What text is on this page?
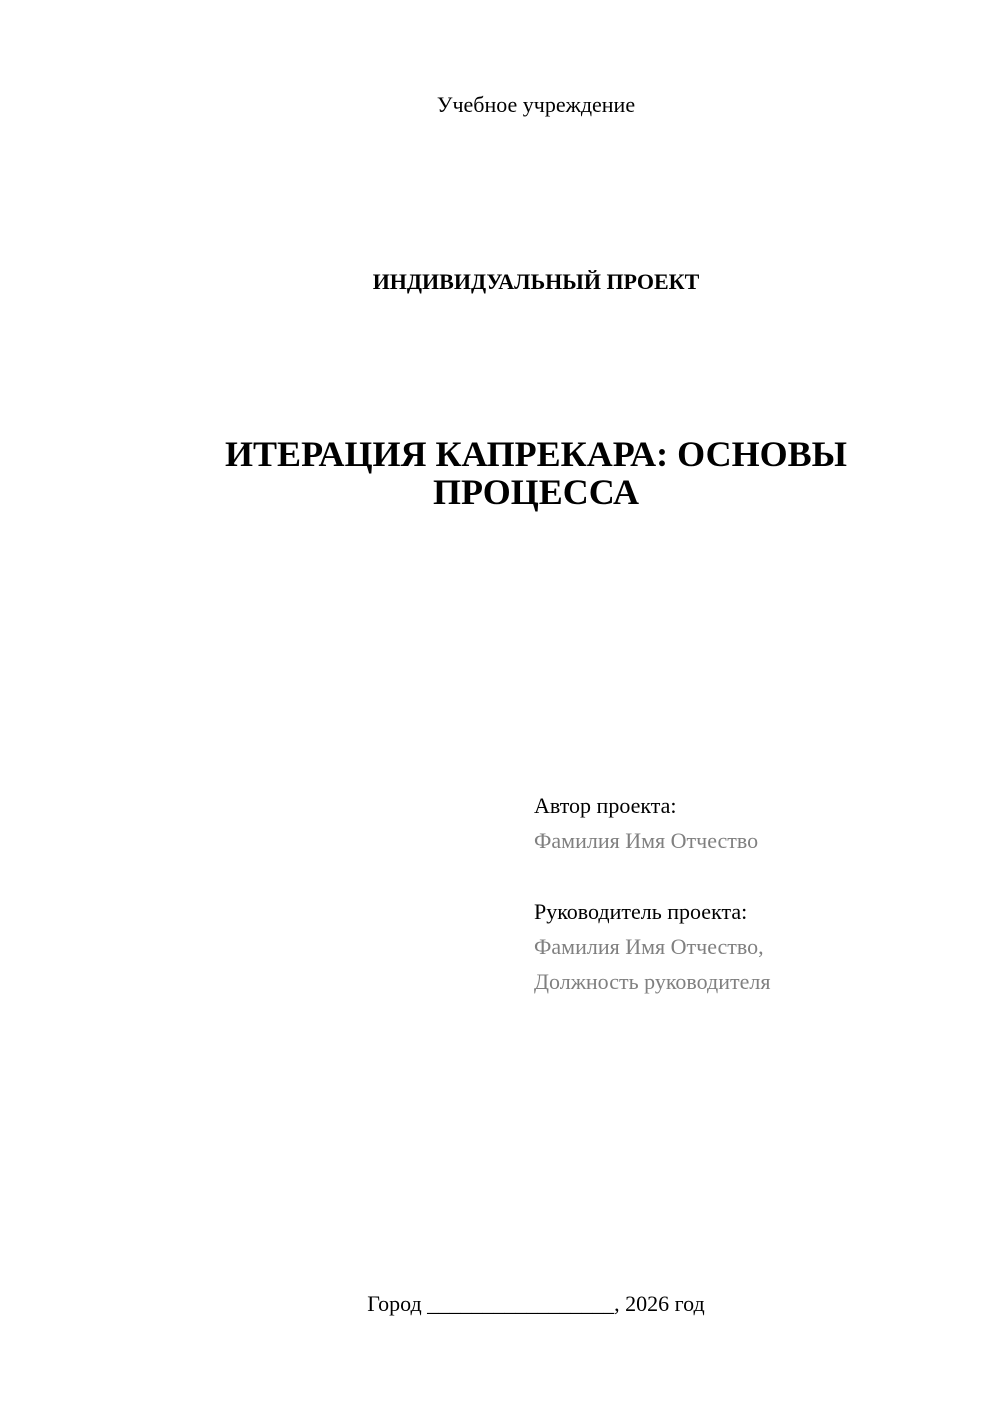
Учебное учреждение
ИНДИВИДУАЛЬНЫЙ ПРОЕКТ
ИТЕРАЦИЯ КАПРЕКАРА: ОСНОВЫ
ПРОЦЕССА
Автор проекта:
Фамилия Имя Отчество
Руководитель проекта:
Фамилия Имя Отчество,
Должность руководителя
Город _________________, 2026 год
